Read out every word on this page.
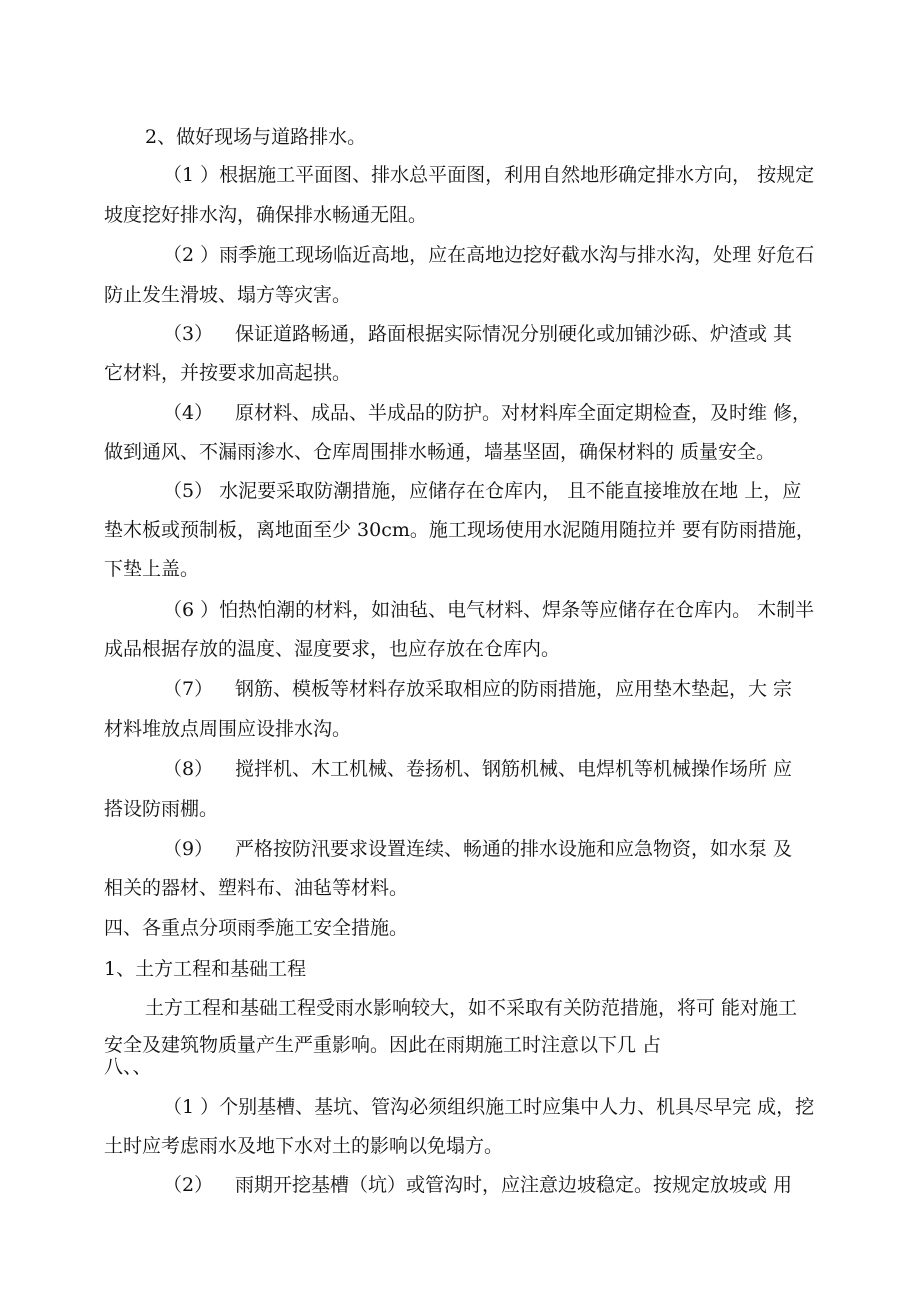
2、做好现场与道路排水。
（1 ）根据施工平面图、排水总平面图，利用自然地形确定排水方向， 按规定
坡度挖好排水沟，确保排水畅通无阻。
（2 ）雨季施工现场临近高地，应在高地边挖好截水沟与排水沟，处理 好危石
防止发生滑坡、塌方等灾害。
（3） 保证道路畅通，路面根据实际情况分别硬化或加铺沙砾、炉渣或 其
它材料，并按要求加高起拱。
（4） 原材料、成品、半成品的防护。对材料库全面定期检查，及时维 修，
做到通风、不漏雨渗水、仓库周围排水畅通，墙基坚固，确保材料的 质量安全。
（5） 水泥要采取防潮措施，应储存在仓库内， 且不能直接堆放在地 上，应
垫木板或预制板，离地面至少 30cm。施工现场使用水泥随用随拉并 要有防雨措施，
下垫上盖。
（6 ）怕热怕潮的材料，如油毡、电气材料、焊条等应储存在仓库内。 木制半
成品根据存放的温度、湿度要求，也应存放在仓库内。
（7） 钢筋、模板等材料存放采取相应的防雨措施，应用垫木垫起，大 宗
材料堆放点周围应设排水沟。
（8） 搅拌机、木工机械、卷扬机、钢筋机械、电焊机等机械操作场所 应
搭设防雨棚。
（9） 严格按防汛要求设置连续、畅通的排水设施和应急物资，如水泵 及
相关的器材、塑料布、油毡等材料。
四、各重点分项雨季施工安全措施。
1、土方工程和基础工程
土方工程和基础工程受雨水影响较大，如不采取有关防范措施，将可 能对施工
安全及建筑物质量产生严重影响。因此在雨期施工时注意以下几 占
八、、
（1 ）个别基槽、基坑、管沟必须组织施工时应集中人力、机具尽早完 成，挖
土时应考虑雨水及地下水对土的影响以免塌方。
（2） 雨期开挖基槽（坑）或管沟时，应注意边坡稳定。按规定放坡或 用
